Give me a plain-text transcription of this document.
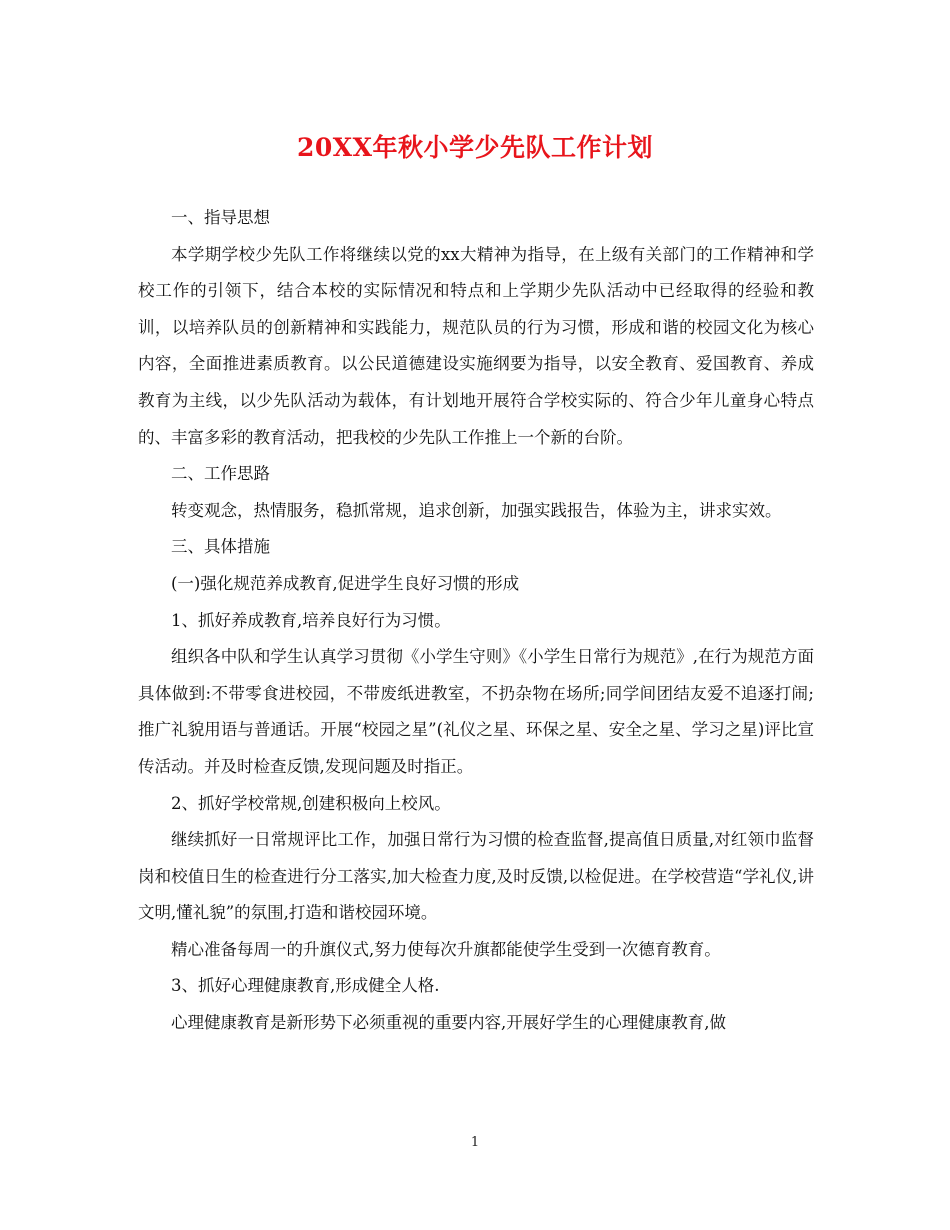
20XX年秋小学少先队工作计划

一、指导思想

本学期学校少先队工作将继续以党的xx大精神为指导，在上级有关部门的工作精神和学校工作的引领下，结合本校的实际情况和特点和上学期少先队活动中已经取得的经验和教训，以培养队员的创新精神和实践能力，规范队员的行为习惯，形成和谐的校园文化为核心内容，全面推进素质教育。以公民道德建设实施纲要为指导，以安全教育、爱国教育、养成教育为主线，以少先队活动为载体，有计划地开展符合学校实际的、符合少年儿童身心特点的、丰富多彩的教育活动，把我校的少先队工作推上一个新的台阶。

二、工作思路

转变观念，热情服务，稳抓常规，追求创新，加强实践报告，体验为主，讲求实效。

三、具体措施

(一)强化规范养成教育,促进学生良好习惯的形成

1、抓好养成教育,培养良好行为习惯。

组织各中队和学生认真学习贯彻《小学生守则》《小学生日常行为规范》,在行为规范方面具体做到:不带零食进校园，不带废纸进教室，不扔杂物在场所;同学间团结友爱不追逐打闹;推广礼貌用语与普通话。开展“校园之星”(礼仪之星、环保之星、安全之星、学习之星)评比宣传活动。并及时检查反馈,发现问题及时指正。

2、抓好学校常规,创建积极向上校风。

继续抓好一日常规评比工作，加强日常行为习惯的检查监督,提高值日质量,对红领巾监督岗和校值日生的检查进行分工落实,加大检查力度,及时反馈,以检促进。在学校营造“学礼仪,讲文明,懂礼貌”的氛围,打造和谐校园环境。

精心准备每周一的升旗仪式,努力使每次升旗都能使学生受到一次德育教育。

3、抓好心理健康教育,形成健全人格.

心理健康教育是新形势下必须重视的重要内容,开展好学生的心理健康教育,做

1
